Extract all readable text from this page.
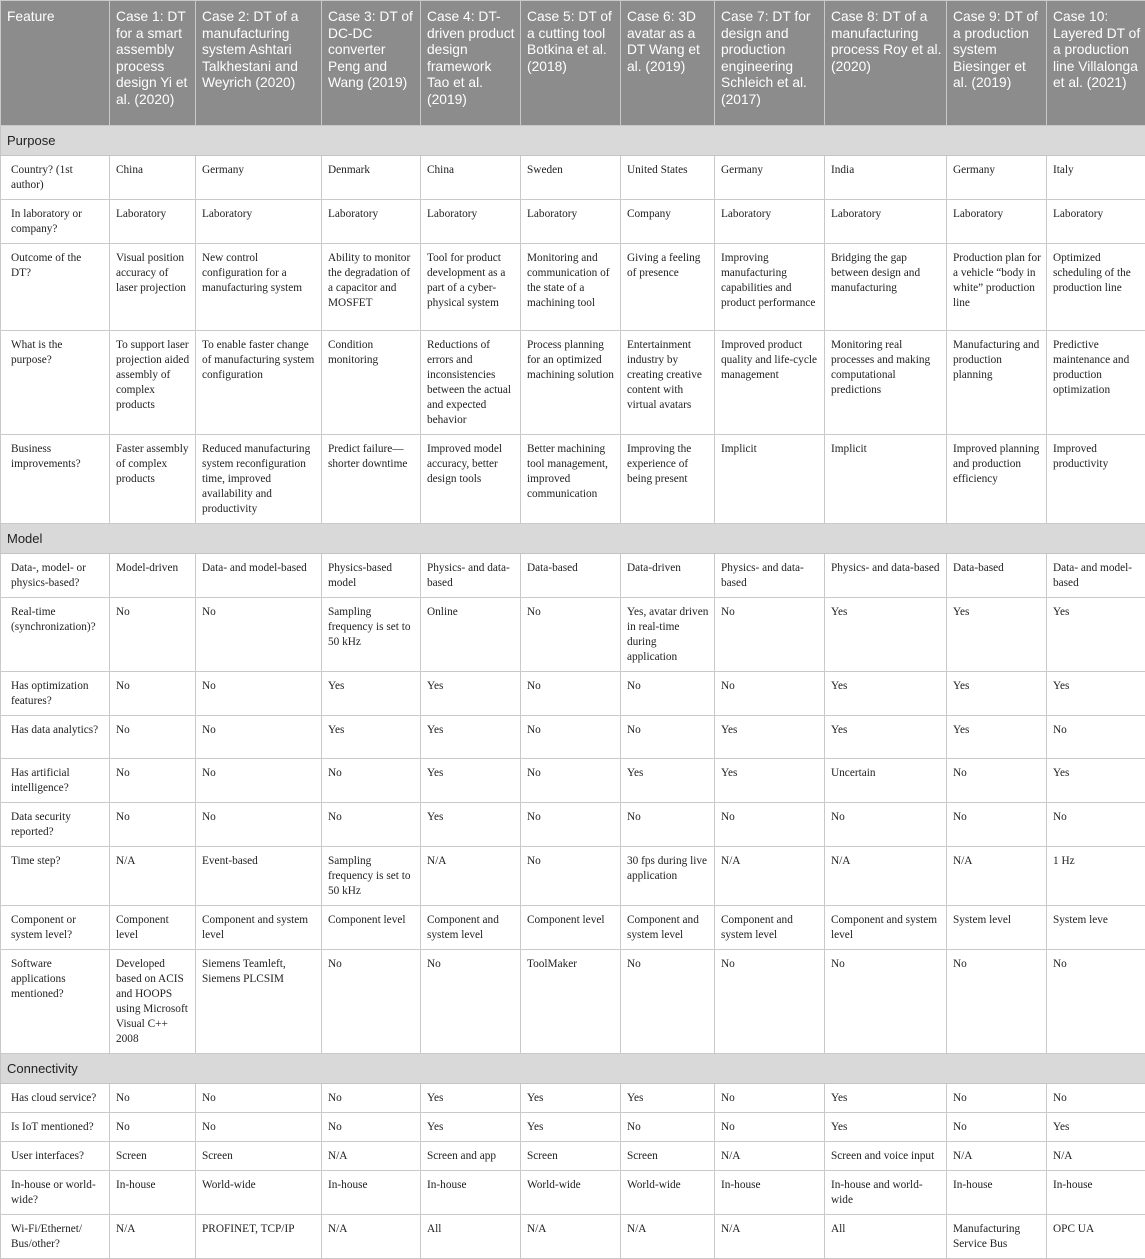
Feature	Case 1: DT for a smart assembly process design Yi et al. (2020)	Case 2: DT of a manufacturing system Ashtari Talkhestani and Weyrich (2020)	Case 3: DT of DC-DC converter Peng and Wang (2019)	Case 4: DT-driven product design framework Tao et al. (2019)	Case 5: DT of a cutting tool Botkina et al. (2018)	Case 6: 3D avatar as a DT Wang et al. (2019)	Case 7: DT for design and production engineering Schleich et al. (2017)	Case 8: DT of a manufacturing process Roy et al. (2020)	Case 9: DT of a production system Biesinger et al. (2019)	Case 10: Layered DT of a production line Villalonga et al. (2021)
Purpose										
Country? (1st author)	China	Germany	Denmark	China	Sweden	United States	Germany	India	Germany	Italy
In laboratory or company?	Laboratory	Laboratory	Laboratory	Laboratory	Laboratory	Company	Laboratory	Laboratory	Laboratory	Laboratory
Outcome of the DT?	Visual position accuracy of laser projection	New control configuration for a manufacturing system	Ability to monitor the degradation of a capacitor and MOSFET	Tool for product development as a part of a cyber-physical system	Monitoring and communication of the state of a machining tool	Giving a feeling of presence	Improving manufacturing capabilities and product performance	Bridging the gap between design and manufacturing	Production plan for a vehicle “body in white” production line	Optimized scheduling of the production line
What is the purpose?	To support laser projection aided assembly of complex products	To enable faster change of manufacturing system configuration	Condition monitoring	Reductions of errors and inconsistencies between the actual and expected behavior	Process planning for an optimized machining solution	Entertainment industry by creating creative content with virtual avatars	Improved product quality and life-cycle management	Monitoring real processes and making computational predictions	Manufacturing and production planning	Predictive maintenance and production optimization
Business improvements?	Faster assembly of complex products	Reduced manufacturing system reconfiguration time, improved availability and productivity	Predict failure—shorter downtime	Improved model accuracy, better design tools	Better machining tool management, improved communication	Improving the experience of being present	Implicit	Implicit	Improved planning and production efficiency	Improved productivity
Model										
Data-, model- or physics-based?	Model-driven	Data- and model-based	Physics-based model	Physics- and data-based	Data-based	Data-driven	Physics- and data-based	Physics- and data-based	Data-based	Data- and model-based
Real-time (synchronization)?	No	No	Sampling frequency is set to 50 kHz	Online	No	Yes, avatar driven in real-time during application	No	Yes	Yes	Yes
Has optimization features?	No	No	Yes	Yes	No	No	No	Yes	Yes	Yes
Has data analytics?	No	No	Yes	Yes	No	No	Yes	Yes	Yes	No
Has artificial intelligence?	No	No	No	Yes	No	Yes	Yes	Uncertain	No	Yes
Data security reported?	No	No	No	Yes	No	No	No	No	No	No
Time step?	N/A	Event-based	Sampling frequency is set to 50 kHz	N/A	No	30 fps during live application	N/A	N/A	N/A	1 Hz
Component or system level?	Component level	Component and system level	Component level	Component and system level	Component level	Component and system level	Component and system level	Component and system level	System level	System leve
Software applications mentioned?	Developed based on ACIS and HOOPS using Microsoft Visual C++ 2008	Siemens Teamleft, Siemens PLCSIM	No	No	ToolMaker	No	No	No	No	No
Connectivity										
Has cloud service?	No	No	No	Yes	Yes	Yes	No	Yes	No	No
Is IoT mentioned?	No	No	No	Yes	Yes	No	No	Yes	No	Yes
User interfaces?	Screen	Screen	N/A	Screen and app	Screen	Screen	N/A	Screen and voice input	N/A	N/A
In-house or world-wide?	In-house	World-wide	In-house	In-house	World-wide	World-wide	In-house	In-house and world-wide	In-house	In-house
Wi-Fi/Ethernet/ Bus/other?	N/A	PROFINET, TCP/IP	N/A	All	N/A	N/A	N/A	All	Manufacturing Service Bus	OPC UA
